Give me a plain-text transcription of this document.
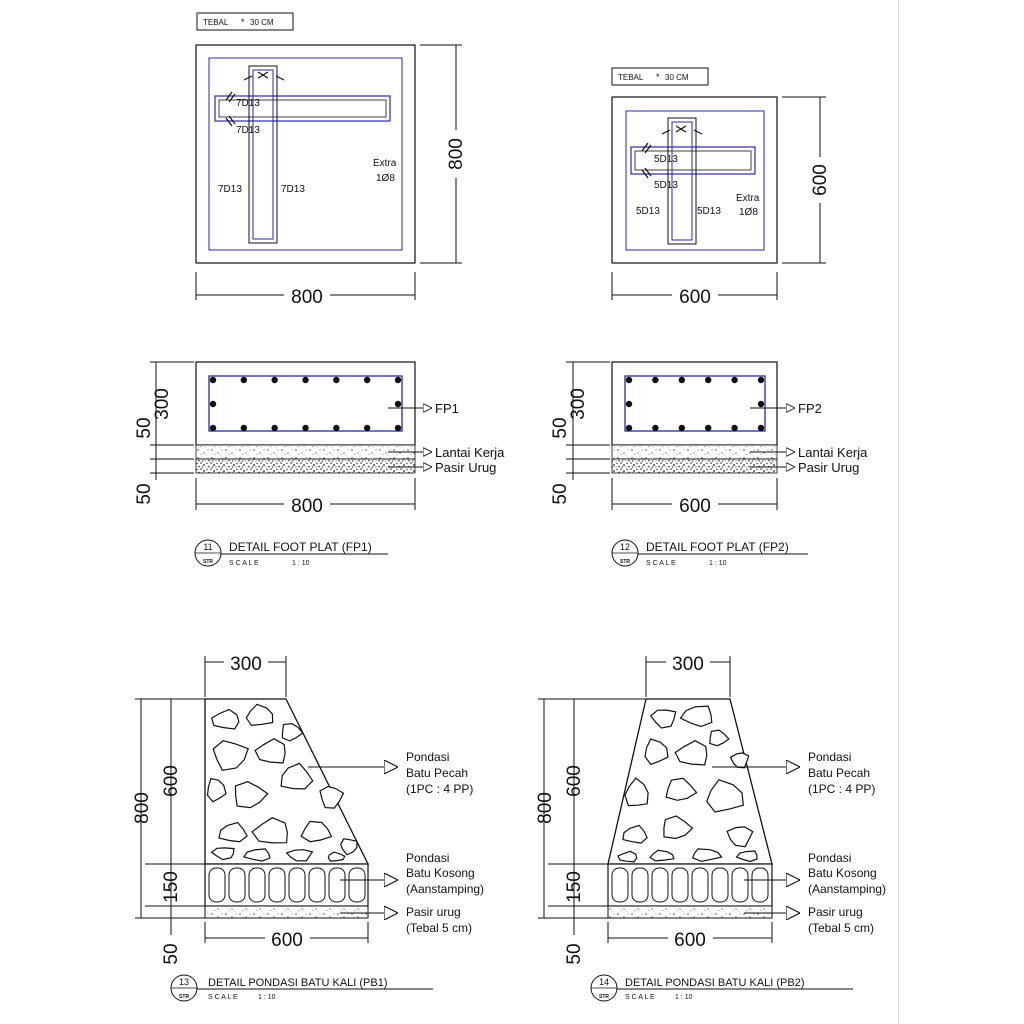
TEBAL * 30 CM
7D13
7D13
7D13	7D13
Extra
1Ø8
800
800
TEBAL * 30 CM
5D13
5D13
5D13	5D13
Extra
1Ø8
600
600
FP1
Lantai Kerja
Pasir Urug
300
50
50
800
FP2
Lantai Kerja
Pasir Urug
300
50
50
600
11
STR
DETAIL FOOT PLAT (FP1)
S C A L E	1 : 10
12
STR
DETAIL FOOT PLAT (FP2)
S C A L E	1 : 10
300
800
600
150
50
600
Pondasi Batu Pecah (1PC : 4 PP)
Pondasi Batu Kosong (Aanstamping)
Pasir urug (Tebal 5 cm)
300
800
600
150
50
600
Pondasi Batu Pecah (1PC : 4 PP)
Pondasi Batu Kosong (Aanstamping)
Pasir urug (Tebal 5 cm)
13
STR
DETAIL PONDASI BATU KALI (PB1)
S C A L E	1 : 10
14
STR
DETAIL PONDASI BATU KALI (PB2)
S C A L E	1 : 10
